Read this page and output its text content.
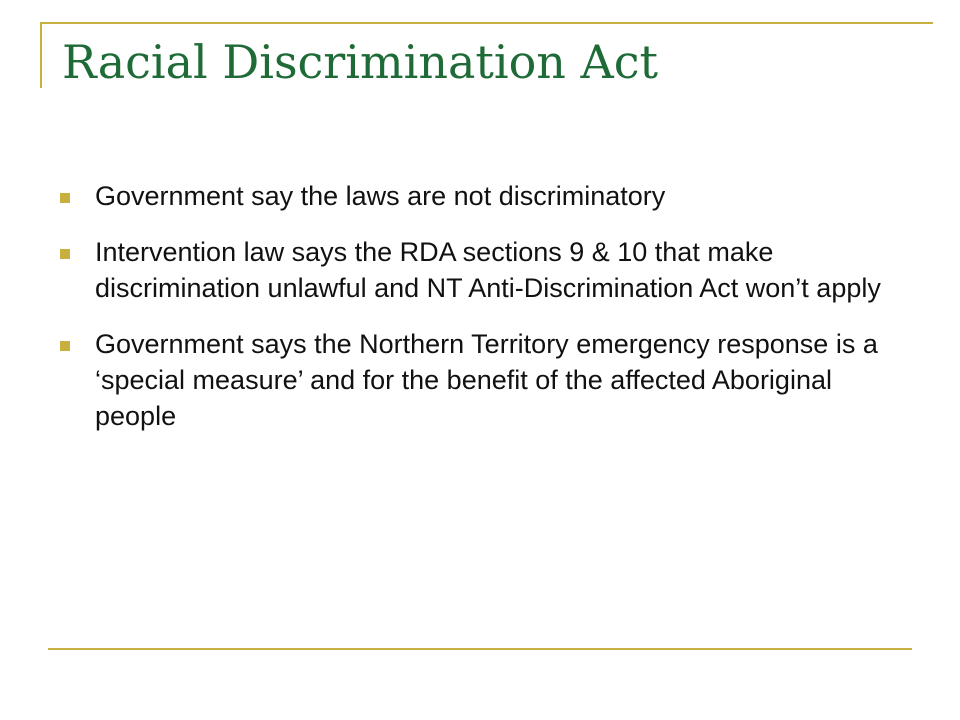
Racial Discrimination Act
Government say the laws are not discriminatory
Intervention law says the RDA sections 9 & 10 that make discrimination unlawful and NT Anti-Discrimination Act won’t apply
Government says the Northern Territory emergency response is a ‘special measure’ and for the benefit of the affected Aboriginal people
